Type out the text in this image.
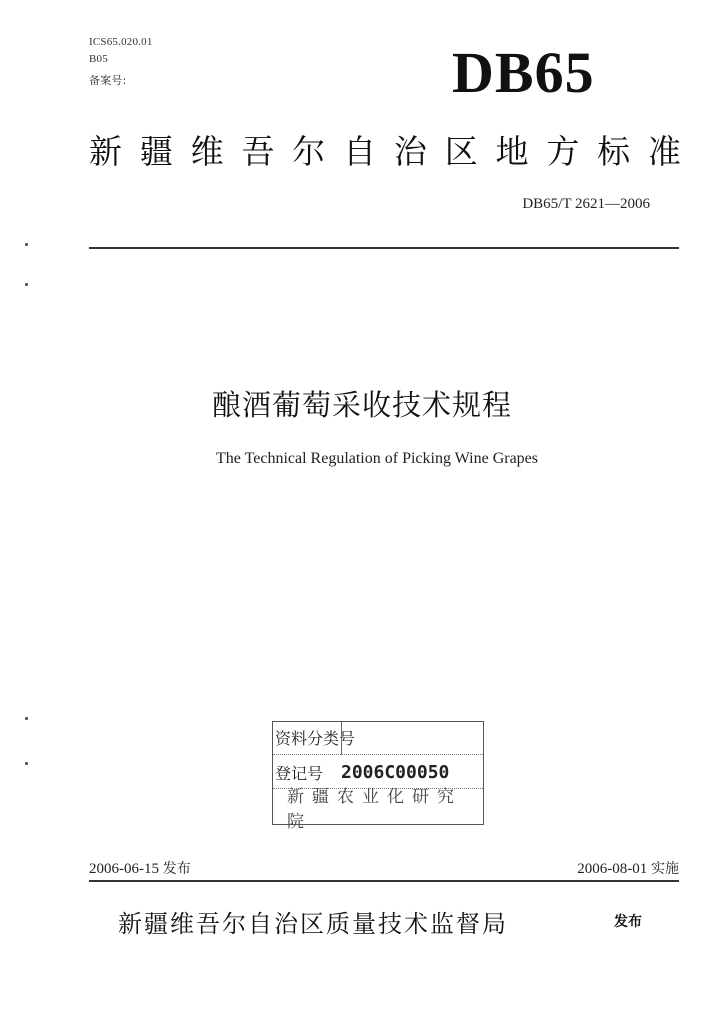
ICS65.020.01
B05
备案号:	DB65
新 疆 维 吾 尔 自 治 区 地 方 标 准
DB65/T 2621—2006
酿酒葡萄采收技术规程
The Technical Regulation of Picking Wine Grapes
资料分类号
登记号 2006C00050
新疆农业化研究院
2006-06-15 发布	2006-08-01 实施
新疆维吾尔自治区质量技术监督局	发布
